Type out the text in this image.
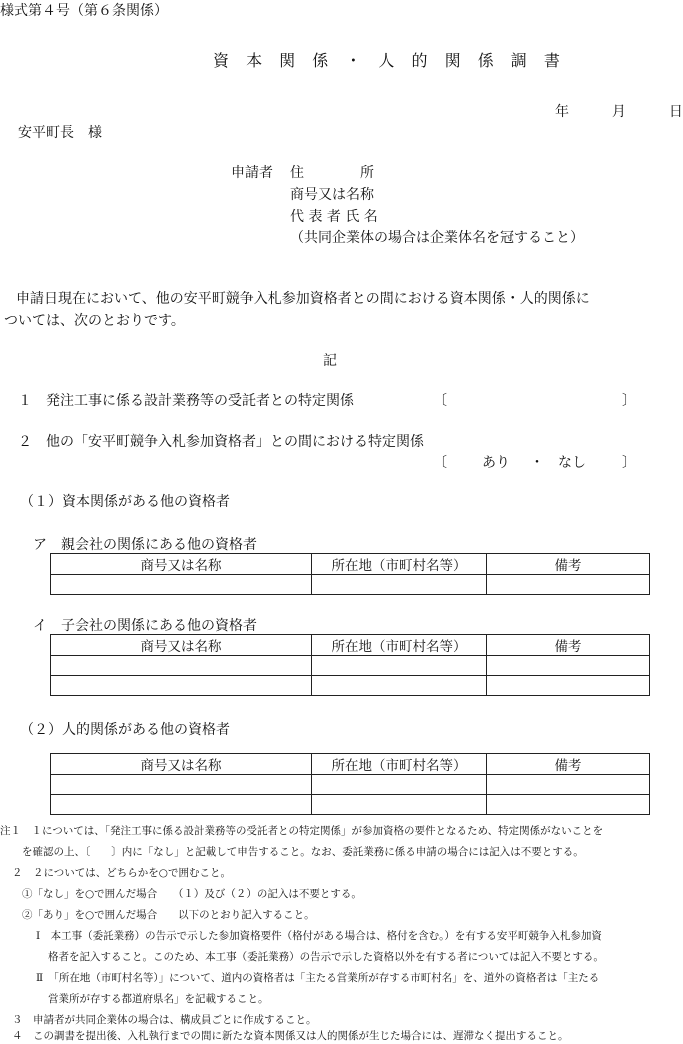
様式第４号（第６条関係）
資 本 関 係 ・ 人 的 関 係 調 書
年	月	日
安平町長　様
申請者 住　　　　所
商号又は名称
代 表 者 氏 名
（共同企業体の場合は企業体名を冠すること）
申請日現在において、他の安平町競争入札参加資格者との間における資本関係・人的関係に
ついては、次のとおりです。
記
１　発注工事に係る設計業務等の受託者との特定関係	〔	〕
２　他の「安平町競争入札参加資格者」との間における特定関係
〔	あり ・ なし	〕
（１）資本関係がある他の資格者
ア　親会社の関係にある他の資格者
商号又は名称	所在地（市町村名等）	備考

イ　子会社の関係にある他の資格者
商号又は名称	所在地（市町村名等）	備考

（２）人的関係がある他の資格者
商号又は名称	所在地（市町村名等）	備考

注１　１については、「発注工事に係る設計業務等の受託者との特定関係」が参加資格の要件となるため、特定関係がないことを
を確認の上、〔　　〕内に「なし」と記載して申告すること。なお、委託業務に係る申請の場合には記入は不要とする。
２　２については、どちらかを○で囲むこと。
①「なし」を○で囲んだ場合　　（１）及び（２）の記入は不要とする。
②「あり」を○で囲んだ場合　　以下のとおり記入すること。
Ⅰ　本工事（委託業務）の告示で示した参加資格要件（格付がある場合は、格付を含む。）を有する安平町競争入札参加資
格者を記入すること。このため、本工事（委託業務）の告示で示した資格以外を有する者については記入不要とする。
Ⅱ　「所在地（市町村名等）」について、道内の資格者は「主たる営業所が存する市町村名」を、道外の資格者は「主たる
営業所が存する都道府県名」を記載すること。
３　申請者が共同企業体の場合は、構成員ごとに作成すること。
４　この調書を提出後、入札執行までの間に新たな資本関係又は人的関係が生じた場合には、遅滞なく提出すること。
